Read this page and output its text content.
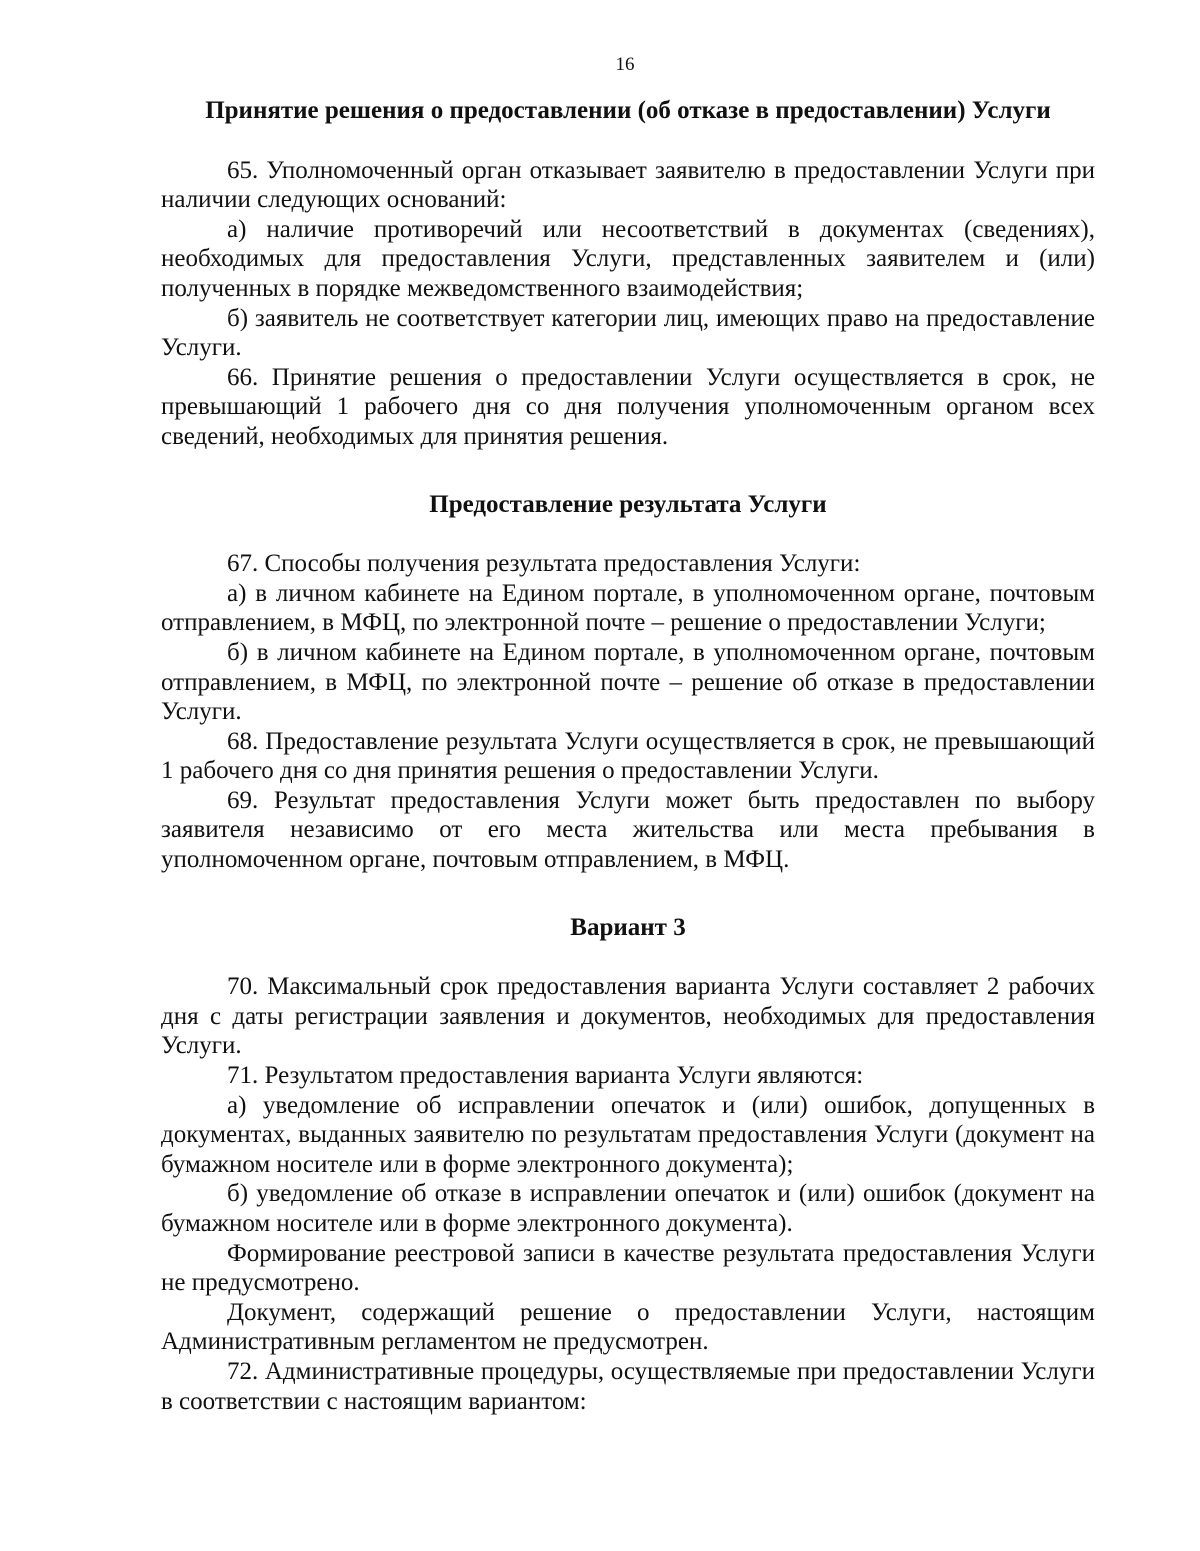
16
Принятие решения о предоставлении (об отказе в предоставлении) Услуги

65. Уполномоченный орган отказывает заявителю в предоставлении Услуги при наличии следующих оснований:

а) наличие противоречий или несоответствий в документах (сведениях), необходимых для предоставления Услуги, представленных заявителем и (или) полученных в порядке межведомственного взаимодействия;

б) заявитель не соответствует категории лиц, имеющих право на предоставление Услуги.

66. Принятие решения о предоставлении Услуги осуществляется в срок, не превышающий 1 рабочего дня со дня получения уполномоченным органом всех сведений, необходимых для принятия решения.

Предоставление результата Услуги

67. Способы получения результата предоставления Услуги:

а) в личном кабинете на Едином портале, в уполномоченном органе, почтовым отправлением, в МФЦ, по электронной почте – решение о предоставлении Услуги;

б) в личном кабинете на Едином портале, в уполномоченном органе, почтовым отправлением, в МФЦ, по электронной почте – решение об отказе в предоставлении Услуги.

68. Предоставление результата Услуги осуществляется в срок, не превышающий 1 рабочего дня со дня принятия решения о предоставлении Услуги.

69. Результат предоставления Услуги может быть предоставлен по выбору заявителя независимо от его места жительства или места пребывания в уполномоченном органе, почтовым отправлением, в МФЦ.

Вариант 3

70. Максимальный срок предоставления варианта Услуги составляет 2 рабочих дня с даты регистрации заявления и документов, необходимых для предоставления Услуги.

71. Результатом предоставления варианта Услуги являются:

а) уведомление об исправлении опечаток и (или) ошибок, допущенных в документах, выданных заявителю по результатам предоставления Услуги (документ на бумажном носителе или в форме электронного документа);

б) уведомление об отказе в исправлении опечаток и (или) ошибок (документ на бумажном носителе или в форме электронного документа).

Формирование реестровой записи в качестве результата предоставления Услуги не предусмотрено.

Документ, содержащий решение о предоставлении Услуги, настоящим Административным регламентом не предусмотрен.

72. Административные процедуры, осуществляемые при предоставлении Услуги в соответствии с настоящим вариантом:
